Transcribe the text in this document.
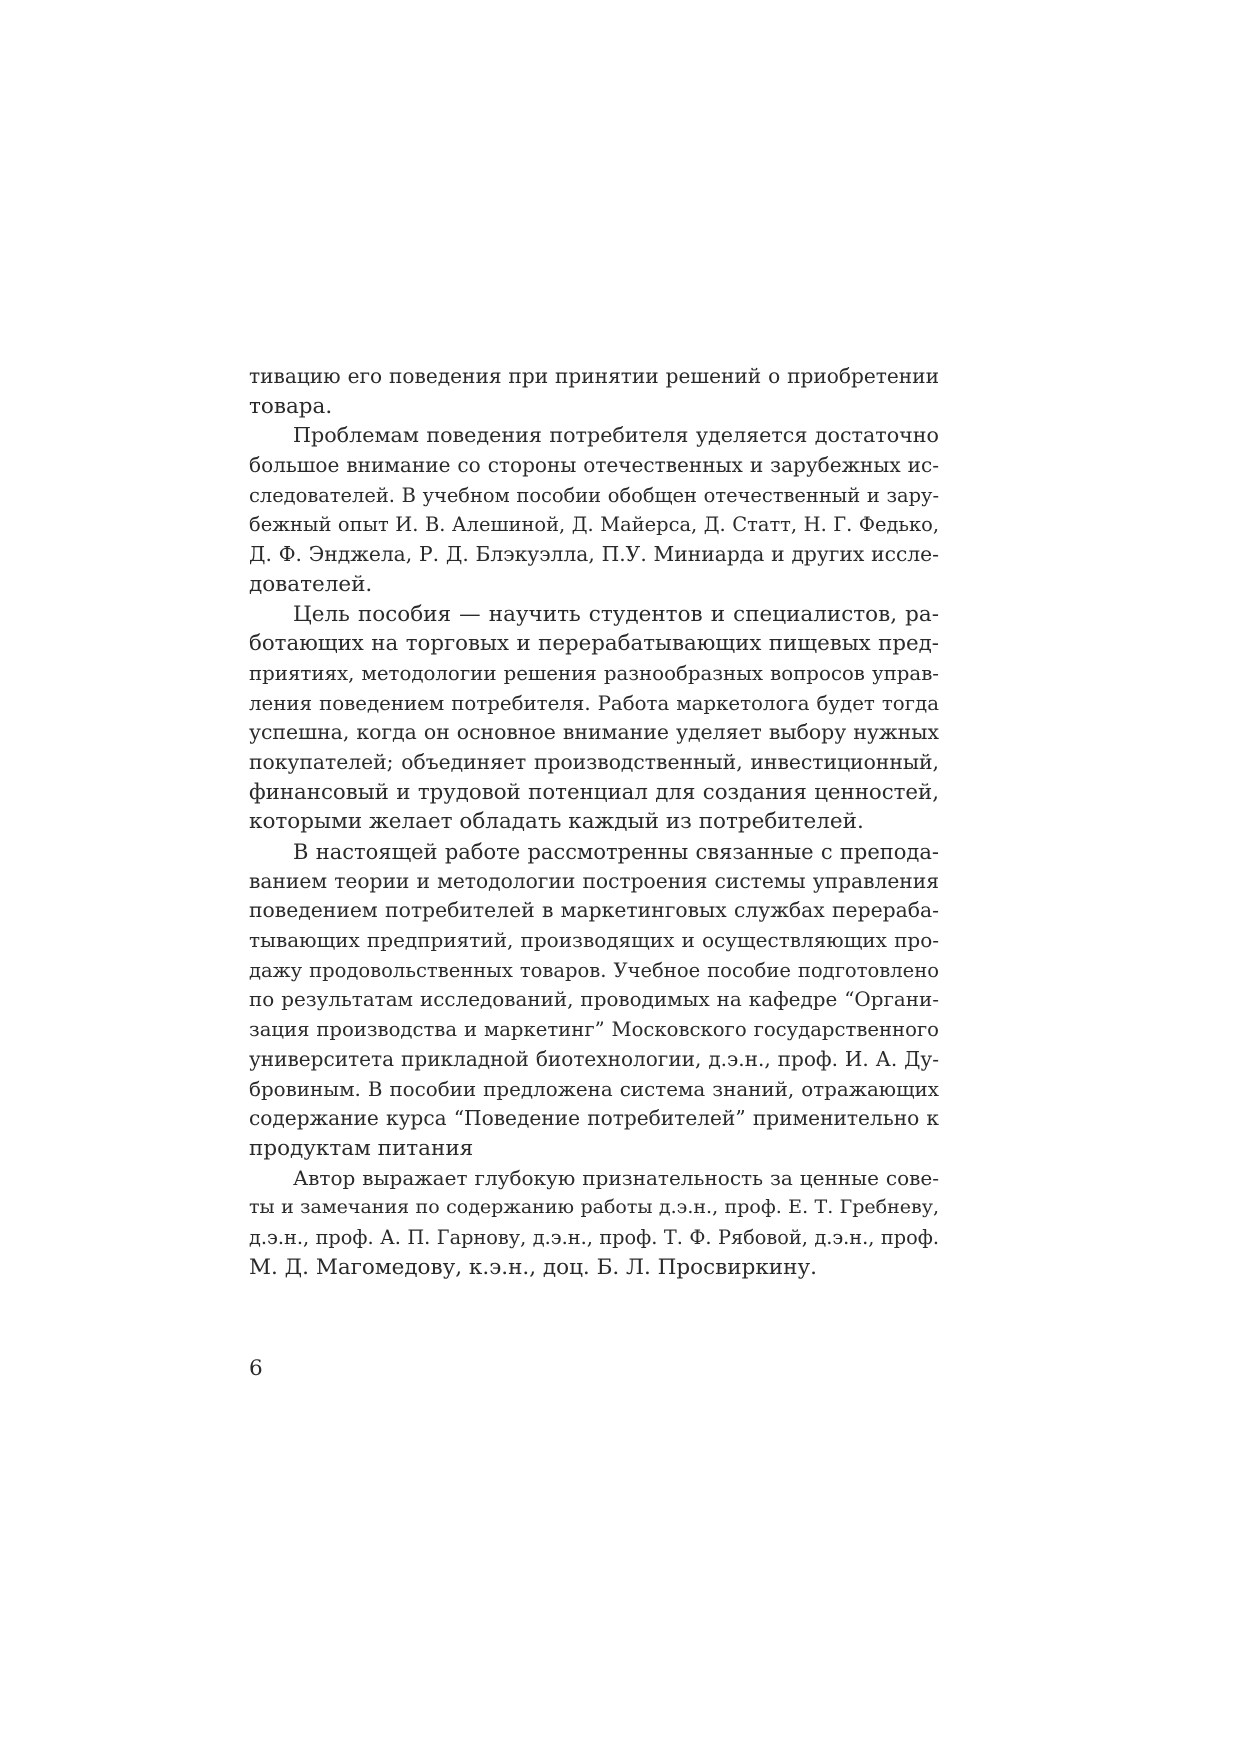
тивацию его поведения при принятии решений о приобретении
товара.
Проблемам поведения потребителя уделяется достаточно
большое внимание со стороны отечественных и зарубежных ис-
следователей. В учебном пособии обобщен отечественный и зару-
бежный опыт И. В. Алешиной, Д. Майерса, Д. Статт, Н. Г. Федько,
Д. Ф. Энджела, Р. Д. Блэкуэлла, П.У. Миниарда и других иссле-
дователей.
Цель пособия — научить студентов и специалистов, ра-
ботающих на торговых и перерабатывающих пищевых пред-
приятиях, методологии решения разнообразных вопросов управ-
ления поведением потребителя. Работа маркетолога будет тогда
успешна, когда он основное внимание уделяет выбору нужных
покупателей; объединяет производственный, инвестиционный,
финансовый и трудовой потенциал для создания ценностей,
которыми желает обладать каждый из потребителей.
В настоящей работе рассмотренны связанные с препода-
ванием теории и методологии построения системы управления
поведением потребителей в маркетинговых службах перераба-
тывающих предприятий, производящих и осуществляющих про-
дажу продовольственных товаров. Учебное пособие подготовлено
по результатам исследований, проводимых на кафедре “Органи-
зация производства и маркетинг” Московского государственного
университета прикладной биотехнологии, д.э.н., проф. И. А. Ду-
бровиным. В пособии предложена система знаний, отражающих
содержание курса “Поведение потребителей” применительно к
продуктам питания
Автор выражает глубокую признательность за ценные сове-
ты и замечания по содержанию работы д.э.н., проф. Е. Т. Гребневу,
д.э.н., проф. А. П. Гарнову, д.э.н., проф. Т. Ф. Рябовой, д.э.н., проф.
М. Д. Магомедову, к.э.н., доц. Б. Л. Просвиркину.
6
